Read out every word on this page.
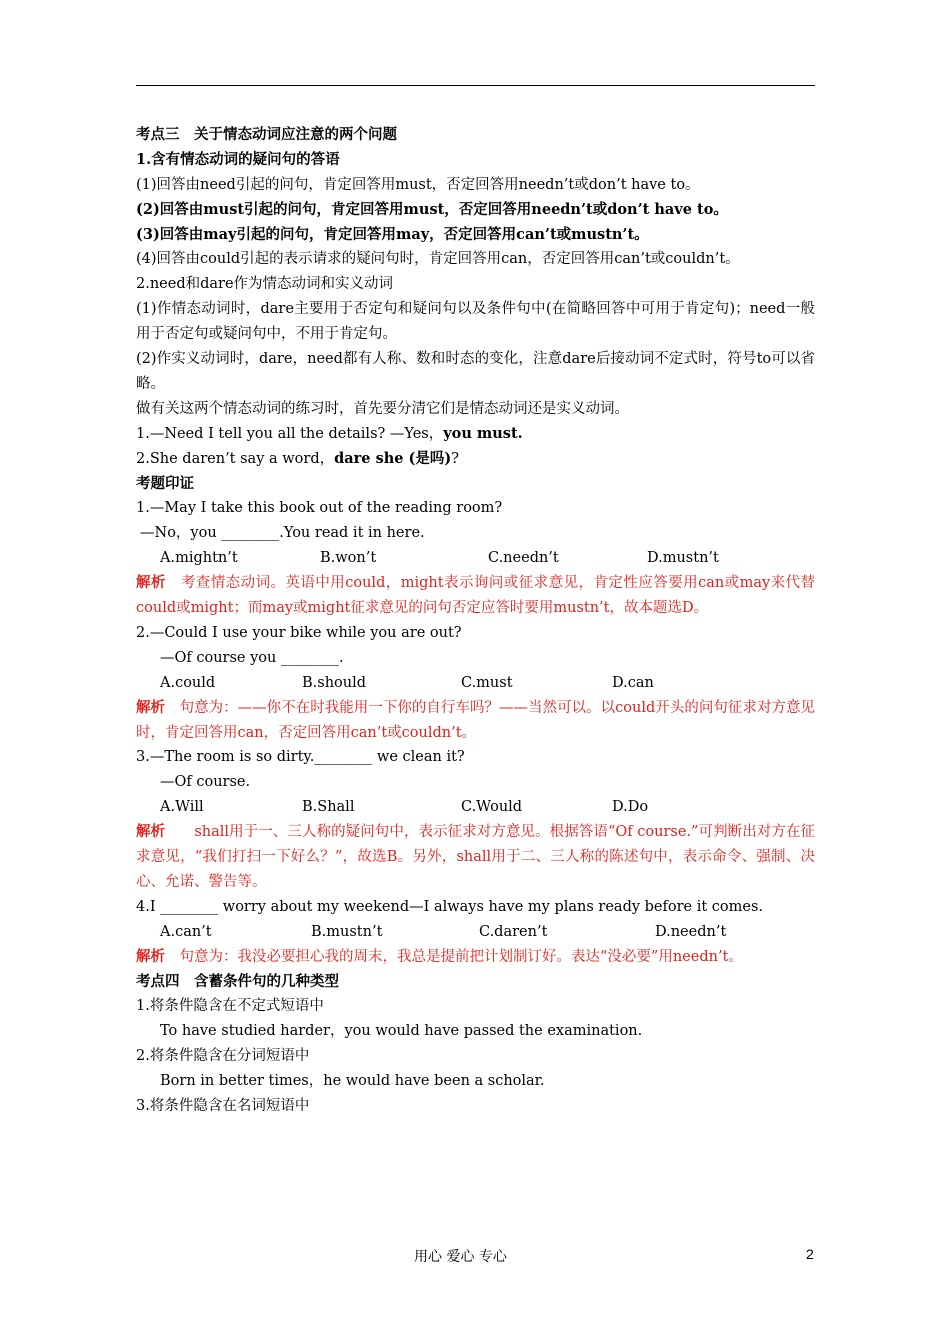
考点三　关于情态动词应注意的两个问题
1.含有情态动词的疑问句的答语
(1)回答由need引起的问句，肯定回答用must，否定回答用needn’t或don’t have to。
(2)回答由must引起的问句，肯定回答用must，否定回答用needn’t或don’t have to。
(3)回答由may引起的问句，肯定回答用may，否定回答用can’t或mustn’t。
(4)回答由could引起的表示请求的疑问句时，肯定回答用can，否定回答用can’t或couldn’t。
2.need和dare作为情态动词和实义动词
(1)作情态动词时，dare主要用于否定句和疑问句以及条件句中(在简略回答中可用于肯定句)；need一般用于否定句或疑问句中，不用于肯定句。
(2)作实义动词时，dare，need都有人称、数和时态的变化，注意dare后接动词不定式时，符号to可以省略。
做有关这两个情态动词的练习时，首先要分清它们是情态动词还是实义动词。
1.—Need I tell you all the details? —Yes，you must.
2.She daren’t say a word，dare she (是吗)?
考题印证
1.—May I take this book out of the reading room?
—No，you ________.You read it in here.
A.mightn’t	B.won’t	C.needn’t	D.mustn’t
解析　 考查情态动词。英语中用could，might表示询问或征求意见，肯定性应答要用can或may来代替could或might；而may或might征求意见的问句否定应答时要用mustn’t，故本题选D。
2.—Could I use your bike while you are out?
—Of course you ________.
A.could	B.should	C.must	D.can
解析　 句意为：——你不在时我能用一下你的自行车吗？——当然可以。以could开头的问句征求对方意见时，肯定回答用can，否定回答用can’t或couldn’t。
3.—The room is so dirty.________ we clean it?
—Of course.
A.Will	B.Shall	C.Would	D.Do
解析　　 shall用于一、三人称的疑问句中，表示征求对方意见。根据答语“Of course.”可判断出对方在征求意见，“我们打扫一下好么？”，故选B。另外，shall用于二、三人称的陈述句中，表示命令、强制、决心、允诺、警告等。
4.I ________ worry about my weekend—I always have my plans ready before it comes.
A.can’t	B.mustn’t	C.daren’t	D.needn’t
解析　 句意为：我没必要担心我的周末，我总是提前把计划制订好。表达“没必要”用needn’t。
考点四　含蓄条件句的几种类型
1.将条件隐含在不定式短语中
To have studied harder，you would have passed the examination.
2.将条件隐含在分词短语中
Born in better times，he would have been a scholar.
3.将条件隐含在名词短语中
用心 爱心 专心	2
